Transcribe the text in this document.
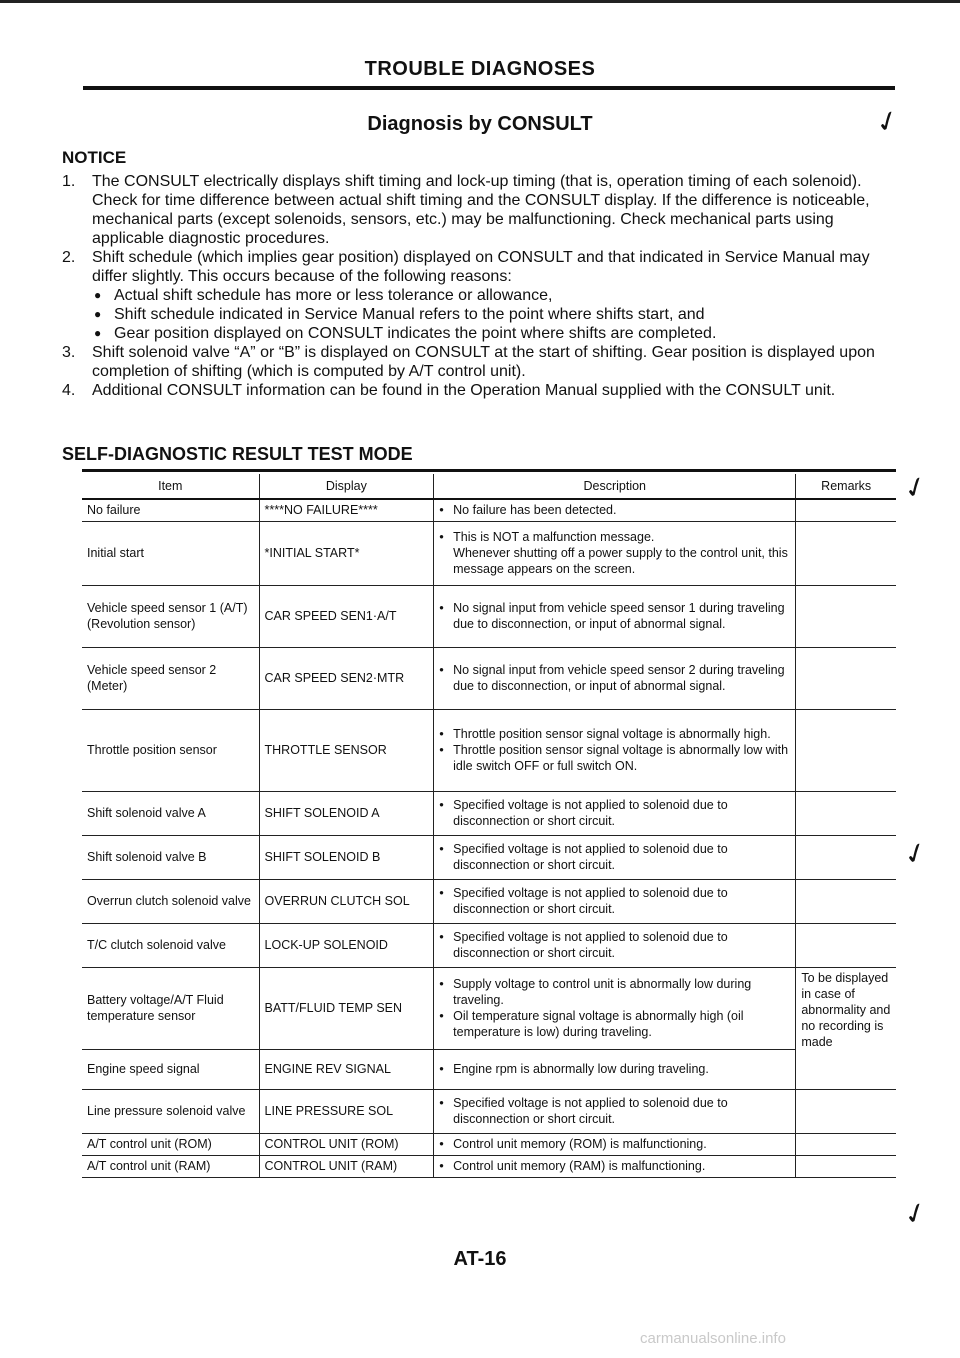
TROUBLE DIAGNOSES
Diagnosis by CONSULT	✓
✓
✓
✓
NOTICE
1. The CONSULT electrically displays shift timing and lock-up timing (that is, operation timing of each solenoid).
Check for time difference between actual shift timing and the CONSULT display. If the difference is noticeable, mechanical parts (except solenoids, sensors, etc.) may be malfunctioning. Check mechanical parts using applicable diagnostic procedures.
2. Shift schedule (which implies gear position) displayed on CONSULT and that indicated in Service Manual may differ slightly. This occurs because of the following reasons:
● Actual shift schedule has more or less tolerance or allowance,
● Shift schedule indicated in Service Manual refers to the point where shifts start, and
● Gear position displayed on CONSULT indicates the point where shifts are completed.
3. Shift solenoid valve “A” or “B” is displayed on CONSULT at the start of shifting. Gear position is displayed upon completion of shifting (which is computed by A/T control unit).
4. Additional CONSULT information can be found in the Operation Manual supplied with the CONSULT unit.
SELF-DIAGNOSTIC RESULT TEST MODE
Item	Display	Description	Remarks
No failure	****NO FAILURE****	● No failure has been detected.

Initial start	*INITIAL START*	● This is NOT a malfunction message.
Whenever shutting off a power supply to the control unit, this message appears on the screen.

Vehicle speed sensor 1 (A/T) (Revolution sensor)	CAR SPEED SEN1·A/T	● No signal input from vehicle speed sensor 1 during traveling due to disconnection, or input of abnormal signal.

Vehicle speed sensor 2 (Meter)	CAR SPEED SEN2·MTR	● No signal input from vehicle speed sensor 2 during traveling due to disconnection, or input of abnormal signal.

Throttle position sensor	THROTTLE SENSOR	● Throttle position sensor signal voltage is abnormally high.
● Throttle position sensor signal voltage is abnormally low with idle switch OFF or full switch ON.

Shift solenoid valve A	SHIFT SOLENOID A	● Specified voltage is not applied to solenoid due to disconnection or short circuit.

Shift solenoid valve B	SHIFT SOLENOID B	● Specified voltage is not applied to solenoid due to disconnection or short circuit.

Overrun clutch solenoid valve	OVERRUN CLUTCH SOL	● Specified voltage is not applied to solenoid due to disconnection or short circuit.

T/C clutch solenoid valve	LOCK-UP SOLENOID	● Specified voltage is not applied to solenoid due to disconnection or short circuit.

Battery voltage/A/T Fluid temperature sensor	BATT/FLUID TEMP SEN	● Supply voltage to control unit is abnormally low during traveling.
● Oil temperature signal voltage is abnormally high (oil temperature is low) during traveling.	To be displayed in case of abnormality and no recording is made
Engine speed signal	ENGINE REV SIGNAL	● Engine rpm is abnormally low during traveling.

Line pressure solenoid valve	LINE PRESSURE SOL	● Specified voltage is not applied to solenoid due to disconnection or short circuit.

A/T control unit (ROM)	CONTROL UNIT (ROM)	● Control unit memory (ROM) is malfunctioning.

A/T control unit (RAM)	CONTROL UNIT (RAM)	● Control unit memory (RAM) is malfunctioning.

AT-16
carmanualsonline.info
